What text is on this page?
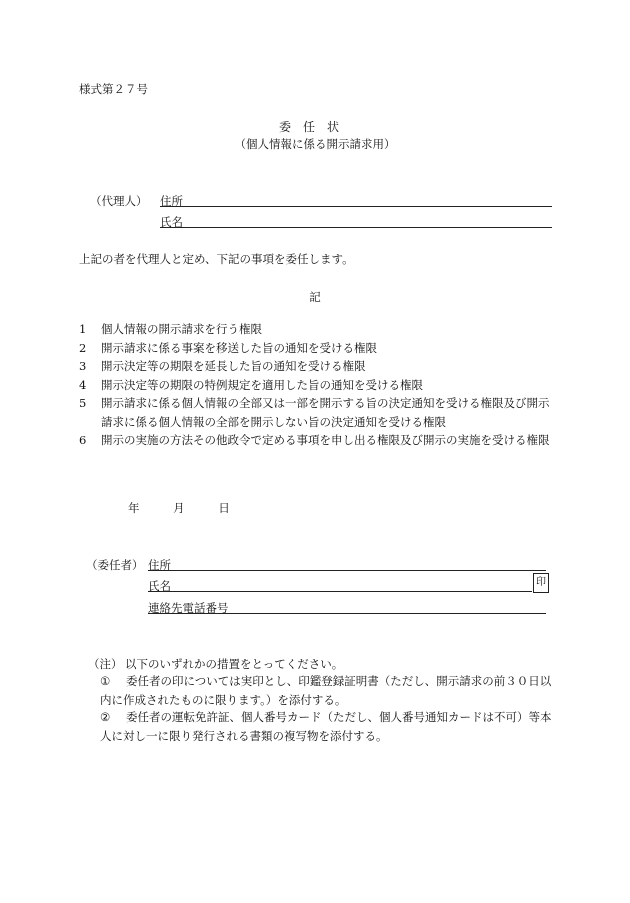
様式第２７号
委任状
（個人情報に係る開示請求用）
（代理人） 住所
氏名
上記の者を代理人と定め、下記の事項を委任します。
記
1	個人情報の開示請求を行う権限
2	開示請求に係る事案を移送した旨の通知を受ける権限
3	開示決定等の期限を延長した旨の通知を受ける権限
4	開示決定等の期限の特例規定を適用した旨の通知を受ける権限
5	開示請求に係る個人情報の全部又は一部を開示する旨の決定通知を受ける権限及び開示請求に係る個人情報の全部を開示しない旨の決定通知を受ける権限
6	開示の実施の方法その他政令で定める事項を申し出る権限及び開示の実施を受ける権限
年	月	日
（委任者） 住所
氏名	印
連絡先電話番号
（注） 以下のいずれかの措置をとってください。
① 委任者の印については実印とし、印鑑登録証明書（ただし、開示請求の前３０日以内に作成されたものに限ります。）を添付する。
② 委任者の運転免許証、個人番号カード（ただし、個人番号通知カードは不可）等本人に対し一に限り発行される書類の複写物を添付する。
